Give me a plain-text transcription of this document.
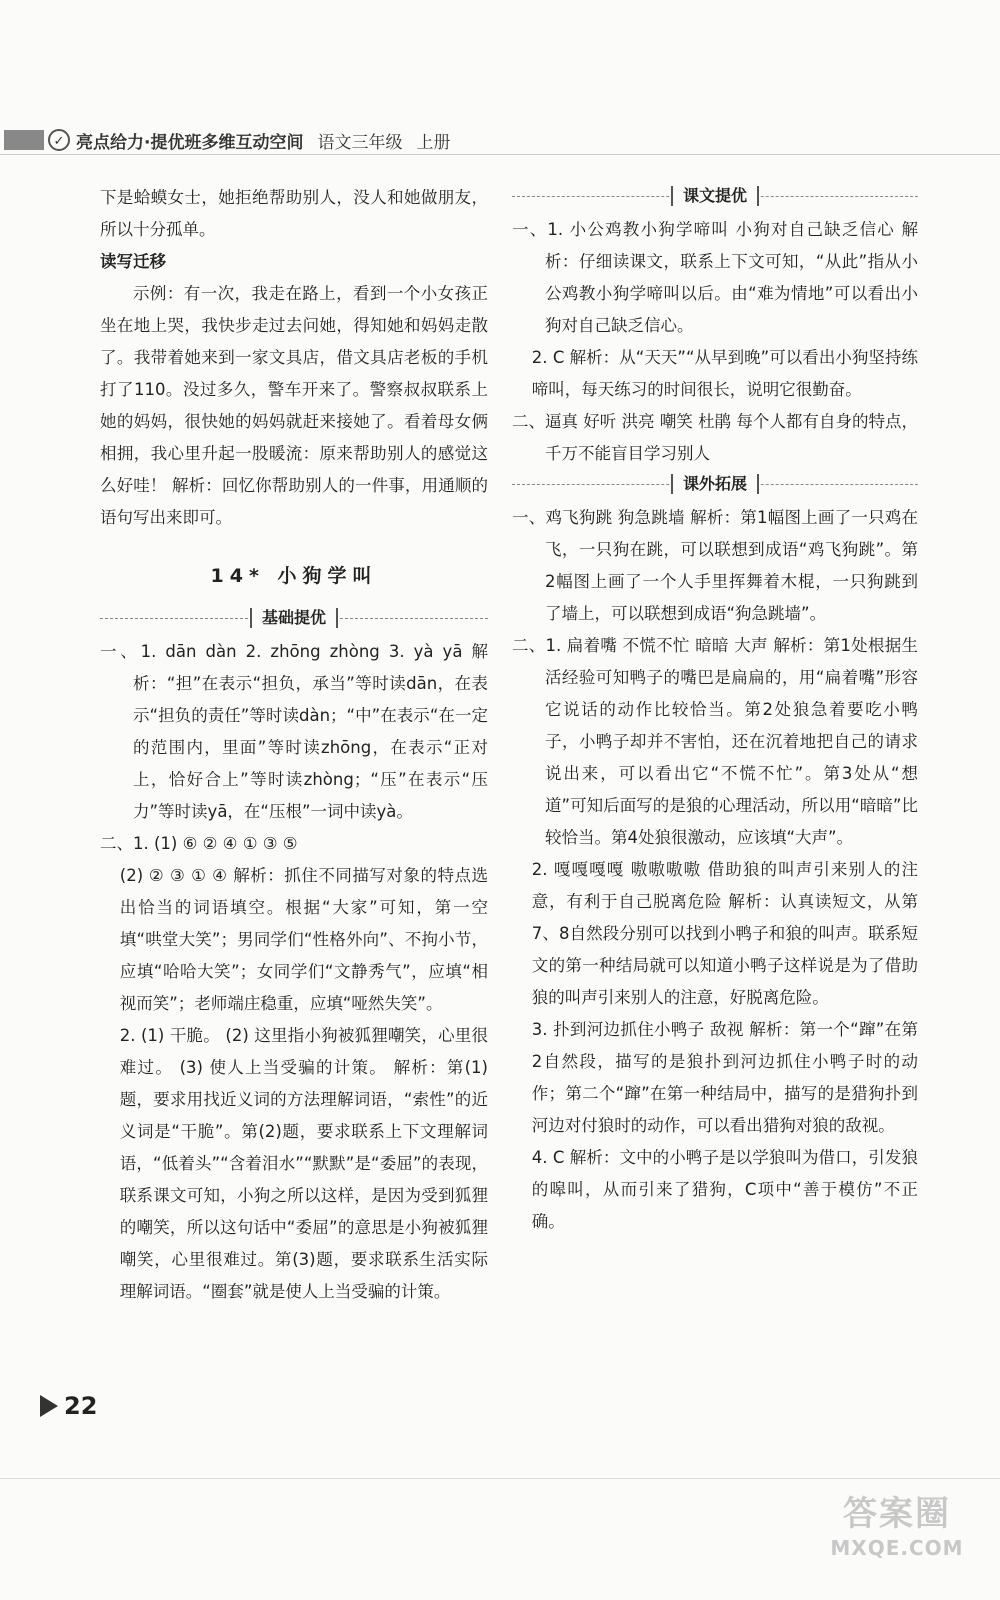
✓ 亮点给力 ·提优班多维互动空间 语文三年级 上册

下是蛤蟆女士，她拒绝帮助别人，没人和她做朋友，所以十分孤单。

读写迁移

示例：有一次，我走在路上，看到一个小女孩正坐在地上哭，我快步走过去问她，得知她和妈妈走散了。我带着她来到一家文具店，借文具店老板的手机打了110。没过多久，警车开来了。警察叔叔联系上她的妈妈，很快她的妈妈就赶来接她了。看着母女俩相拥，我心里升起一股暖流：原来帮助别人的感觉这么好哇！ 解析：回忆你帮助别人的一件事，用通顺的语句写出来即可。

14* 小狗学叫
基础提优

一、1. dān dàn 2. zhōng zhòng 3. yà yā 解析：“担”在表示“担负，承当”等时读dān，在表示“担负的责任”等时读dàn；“中”在表示“在一定的范围内，里面”等时读zhōng，在表示“正对上，恰好合上”等时读zhòng；“压”在表示“压力”等时读yā，在“压根”一词中读yà。

二、1. (1) ⑥ ② ④ ① ③ ⑤

(2) ② ③ ① ④ 解析：抓住不同描写对象的特点选出恰当的词语填空。根据“大家”可知，第一空填“哄堂大笑”；男同学们“性格外向”、不拘小节，应填“哈哈大笑”；女同学们“文静秀气”，应填“相视而笑”；老师端庄稳重，应填“哑然失笑”。

2. (1) 干脆。 (2) 这里指小狗被狐狸嘲笑，心里很难过。 (3) 使人上当受骗的计策。 解析：第(1)题，要求用找近义词的方法理解词语，“索性”的近义词是“干脆”。第(2)题，要求联系上下文理解词语，“低着头”“含着泪水”“默默”是“委屈”的表现，联系课文可知，小狗之所以这样，是因为受到狐狸的嘲笑，所以这句话中“委屈”的意思是小狗被狐狸嘲笑，心里很难过。第(3)题，要求联系生活实际理解词语。“圈套”就是使人上当受骗的计策。

课文提优

一、1. 小公鸡教小狗学啼叫 小狗对自己缺乏信心 解析：仔细读课文，联系上下文可知，“从此”指从小公鸡教小狗学啼叫以后。由“难为情地”可以看出小狗对自己缺乏信心。

2. C 解析：从“天天”“从早到晚”可以看出小狗坚持练啼叫，每天练习的时间很长，说明它很勤奋。

二、逼真 好听 洪亮 嘲笑 杜鹃 每个人都有自身的特点，千万不能盲目学习别人

课外拓展

一、鸡飞狗跳 狗急跳墙 解析：第1幅图上画了一只鸡在飞，一只狗在跳，可以联想到成语“鸡飞狗跳”。第2幅图上画了一个人手里挥舞着木棍，一只狗跳到了墙上，可以联想到成语“狗急跳墙”。

二、1. 扁着嘴 不慌不忙 暗暗 大声 解析：第1处根据生活经验可知鸭子的嘴巴是扁扁的，用“扁着嘴”形容它说话的动作比较恰当。第2处狼急着要吃小鸭子，小鸭子却并不害怕，还在沉着地把自己的请求说出来，可以看出它“不慌不忙”。第3处从“想道”可知后面写的是狼的心理活动，所以用“暗暗”比较恰当。第4处狼很激动，应该填“大声”。

2. 嘎嘎嘎嘎 嗷嗷嗷嗷 借助狼的叫声引来别人的注意，有利于自己脱离危险 解析：认真读短文，从第7、8自然段分别可以找到小鸭子和狼的叫声。联系短文的第一种结局就可以知道小鸭子这样说是为了借助狼的叫声引来别人的注意，好脱离危险。

3. 扑到河边抓住小鸭子 敌视 解析：第一个“蹿”在第2自然段，描写的是狼扑到河边抓住小鸭子时的动作；第二个“蹿”在第一种结局中，描写的是猎狗扑到河边对付狼时的动作，可以看出猎狗对狼的敌视。

4. C 解析：文中的小鸭子是以学狼叫为借口，引发狼的嗥叫，从而引来了猎狗，C项中“善于模仿”不正确。

22
答案圈
MXQE.COM
